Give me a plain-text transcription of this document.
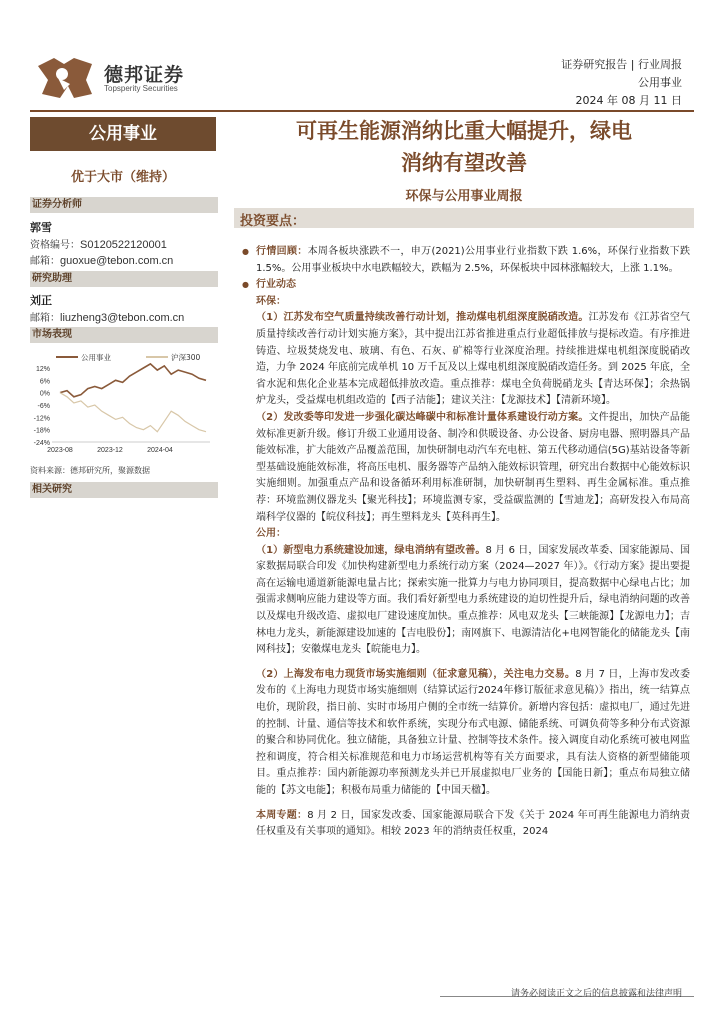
德邦证券
Topsperity Securities
证券研究报告 | 行业周报
公用事业
2024 年 08 月 11 日
公用事业
优于大市（维持）
证券分析师
郭雪
资格编号：S0120522120001
邮箱：guoxue@tebon.com.cn
研究助理
刘正
邮箱：liuzheng3@tebon.com.cn
市场表现
12%
6%
0%
-6%
-12%
-18%
-24%
2023-08	2023-12	2024-04
公用事业	沪深300
资料来源：德邦研究所，聚源数据
相关研究
可再生能源消纳比重大幅提升，绿电
消纳有望改善
环保与公用事业周报
投资要点：

● 行情回顾：本周各板块涨跌不一，申万(2021)公用事业行业指数下跌 1.6%，环保行业指数下跌 1.5%。公用事业板块中水电跌幅较大，跌幅为 2.5%，环保板块中园林涨幅较大，上涨 1.1%。

● 行业动态

环保：

（1）江苏发布空气质量持续改善行动计划，推动煤电机组深度脱硝改造。江苏发布《江苏省空气质量持续改善行动计划实施方案》，其中提出江苏省推进重点行业超低排放与提标改造。有序推进铸造、垃圾焚烧发电、玻璃、有色、石灰、矿棉等行业深度治理。持续推进煤电机组深度脱硝改造，力争 2024 年底前完成单机 10 万千瓦及以上煤电机组深度脱硝改造任务。到 2025 年底，全省水泥和焦化企业基本完成超低排放改造。重点推荐：煤电全负荷脱硝龙头【青达环保】；余热锅炉龙头，受益煤电机组改造的【西子洁能】；建议关注：【龙源技术】【清新环境】。

（2）发改委等印发进一步强化碳达峰碳中和标准计量体系建设行动方案。文件提出，加快产品能效标准更新升级。修订升级工业通用设备、制冷和供暖设备、办公设备、厨房电器、照明器具产品能效标准，扩大能效产品覆盖范围，加快研制电动汽车充电桩、第五代移动通信(5G)基站设备等新型基础设施能效标准，将高压电机、服务器等产品纳入能效标识管理，研究出台数据中心能效标识实施细则。加强重点产品和设备循环利用标准研制，加快研制再生塑料、再生金属标准。重点推荐：环境监测仪器龙头【聚光科技】；环境监测专家，受益碳监测的【雪迪龙】；高研发投入布局高端科学仪器的【皖仪科技】；再生塑料龙头【英科再生】。

公用：

（1）新型电力系统建设加速，绿电消纳有望改善。8 月 6 日，国家发展改革委、国家能源局、国家数据局联合印发《加快构建新型电力系统行动方案（2024—2027 年）》。《行动方案》提出要提高在运输电通道新能源电量占比；探索实施一批算力与电力协同项目，提高数据中心绿电占比；加强需求侧响应能力建设等方面。我们看好新型电力系统建设的迫切性提升后，绿电消纳问题的改善以及煤电升级改造、虚拟电厂建设速度加快。重点推荐：风电双龙头【三峡能源】【龙源电力】；吉林电力龙头，新能源建设加速的【吉电股份】；南网旗下、电源清洁化+电网智能化的储能龙头【南网科技】；安徽煤电龙头【皖能电力】。

（2）上海发布电力现货市场实施细则（征求意见稿），关注电力交易。8 月 7 日，上海市发改委发布的《上海电力现货市场实施细则（结算试运行2024年修订版征求意见稿）》指出，统一结算点电价，现阶段，指日前、实时市场用户侧的全市统一结算价。新增内容包括：虚拟电厂，通过先进的控制、计量、通信等技术和软件系统，实现分布式电源、储能系统、可调负荷等多种分布式资源的聚合和协同优化。独立储能，具备独立计量、控制等技术条件。接入调度自动化系统可被电网监控和调度，符合相关标准规范和电力市场运营机构等有关方面要求，具有法人资格的新型储能项目。重点推荐：国内新能源功率预测龙头并已开展虚拟电厂业务的【国能日新】；重点布局独立储能的【苏文电能】；积极布局重力储能的【中国天楹】。

本周专题：8 月 2 日，国家发改委、国家能源局联合下发《关于 2024 年可再生能源电力消纳责任权重及有关事项的通知》。相较 2023 年的消纳责任权重，2024

请务必阅读正文之后的信息披露和法律声明
